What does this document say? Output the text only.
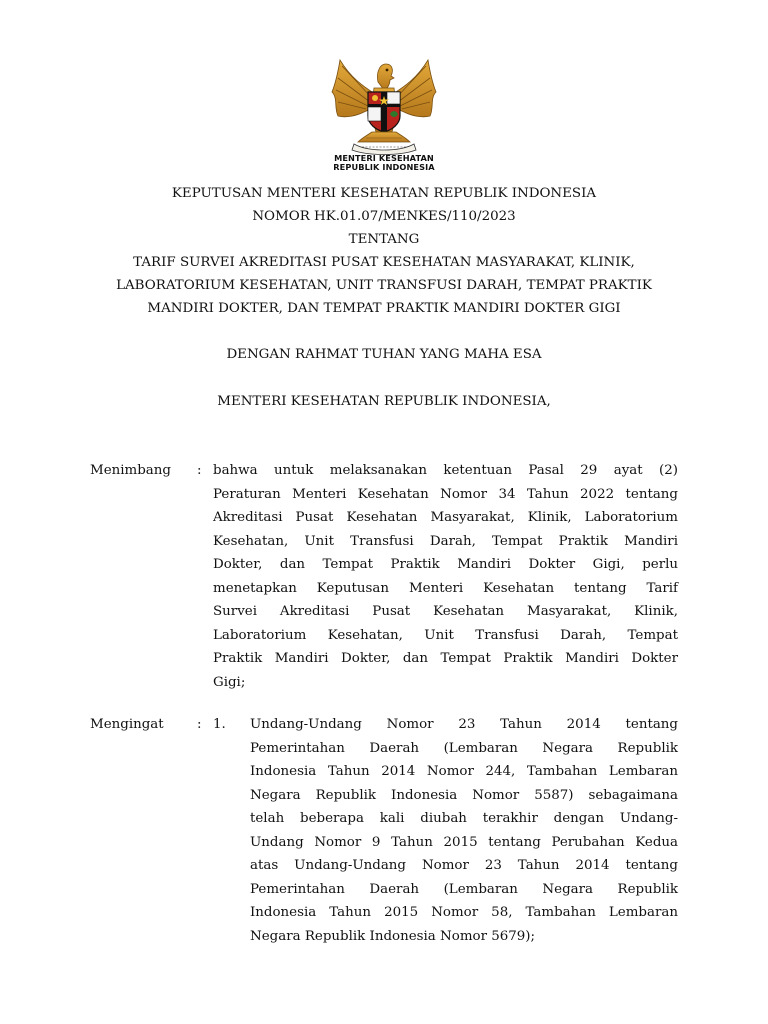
MENTERI KESEHATAN
REPUBLIK INDONESIA
KEPUTUSAN MENTERI KESEHATAN REPUBLIK INDONESIA
NOMOR HK.01.07/MENKES/110/2023
TENTANG
TARIF SURVEI AKREDITASI PUSAT KESEHATAN MASYARAKAT, KLINIK,
LABORATORIUM KESEHATAN, UNIT TRANSFUSI DARAH, TEMPAT PRAKTIK
MANDIRI DOKTER, DAN TEMPAT PRAKTIK MANDIRI DOKTER GIGI
DENGAN RAHMAT TUHAN YANG MAHA ESA
MENTERI KESEHATAN REPUBLIK INDONESIA,
Menimbang : bahwa untuk melaksanakan ketentuan Pasal 29 ayat (2)
Peraturan Menteri Kesehatan Nomor 34 Tahun 2022 tentang
Akreditasi Pusat Kesehatan Masyarakat, Klinik, Laboratorium
Kesehatan, Unit Transfusi Darah, Tempat Praktik Mandiri
Dokter, dan Tempat Praktik Mandiri Dokter Gigi, perlu
menetapkan Keputusan Menteri Kesehatan tentang Tarif
Survei Akreditasi Pusat Kesehatan Masyarakat, Klinik,
Laboratorium Kesehatan, Unit Transfusi Darah, Tempat
Praktik Mandiri Dokter, dan Tempat Praktik Mandiri Dokter
Gigi;
Mengingat : 1. Undang-Undang Nomor 23 Tahun 2014 tentang
Pemerintahan Daerah (Lembaran Negara Republik
Indonesia Tahun 2014 Nomor 244, Tambahan Lembaran
Negara Republik Indonesia Nomor 5587) sebagaimana
telah beberapa kali diubah terakhir dengan Undang-
Undang Nomor 9 Tahun 2015 tentang Perubahan Kedua
atas Undang-Undang Nomor 23 Tahun 2014 tentang
Pemerintahan Daerah (Lembaran Negara Republik
Indonesia Tahun 2015 Nomor 58, Tambahan Lembaran
Negara Republik Indonesia Nomor 5679);
